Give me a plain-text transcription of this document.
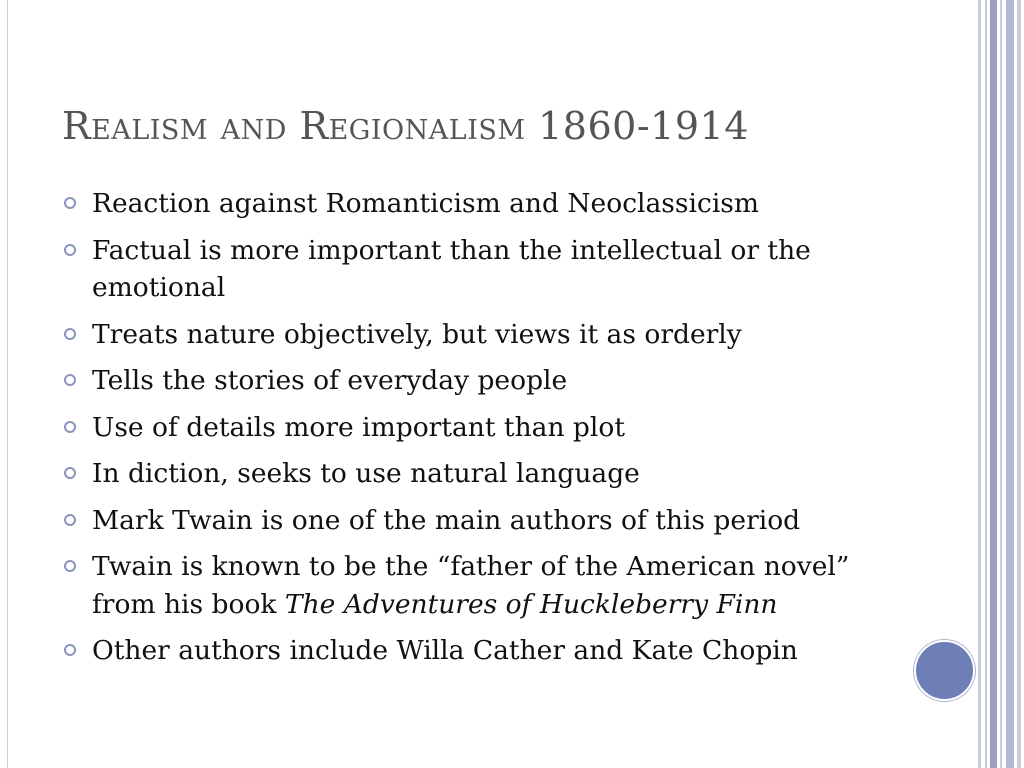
Realism and Regionalism 1860-1914
Reaction against Romanticism and Neoclassicism
Factual is more important than the intellectual or the emotional
Treats nature objectively, but views it as orderly
Tells the stories of everyday people
Use of details more important than plot
In diction, seeks to use natural language
Mark Twain is one of the main authors of this period
Twain is known to be the “father of the American novel” from his book The Adventures of Huckleberry Finn
Other authors include Willa Cather and Kate Chopin
